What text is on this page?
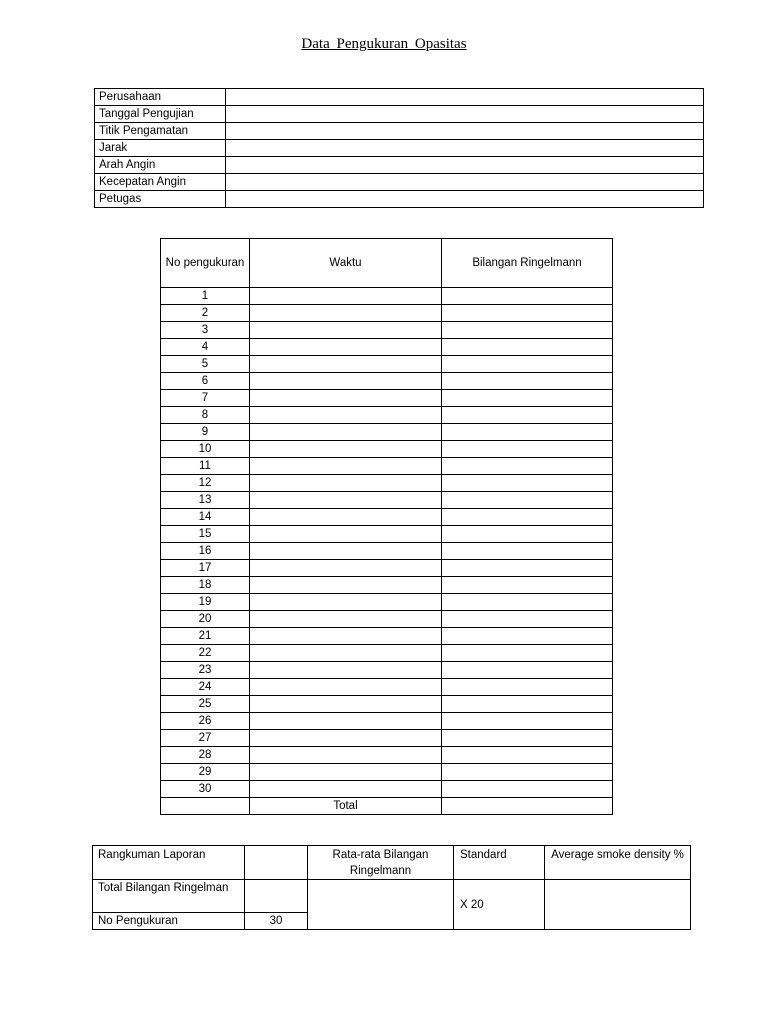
Data Pengukuran Opasitas
Perusahaan	
Tanggal Pengujian	
Titik Pengamatan	
Jarak	
Arah Angin	
Kecepatan Angin	
Petugas	
No pengukuran	Waktu	Bilangan Ringelmann
1		
2		
3		
4		
5		
6		
7		
8		
9		
10		
11		
12		
13		
14		
15		
16		
17		
18		
19		
20		
21		
22		
23		
24		
25		
26		
27		
28		
29		
30		
	Total	
Rangkuman Laporan		Rata-rata Bilangan Ringelmann	Standard	Average smoke density %
Total Bilangan Ringelman			X 20	
No Pengukuran	30			
